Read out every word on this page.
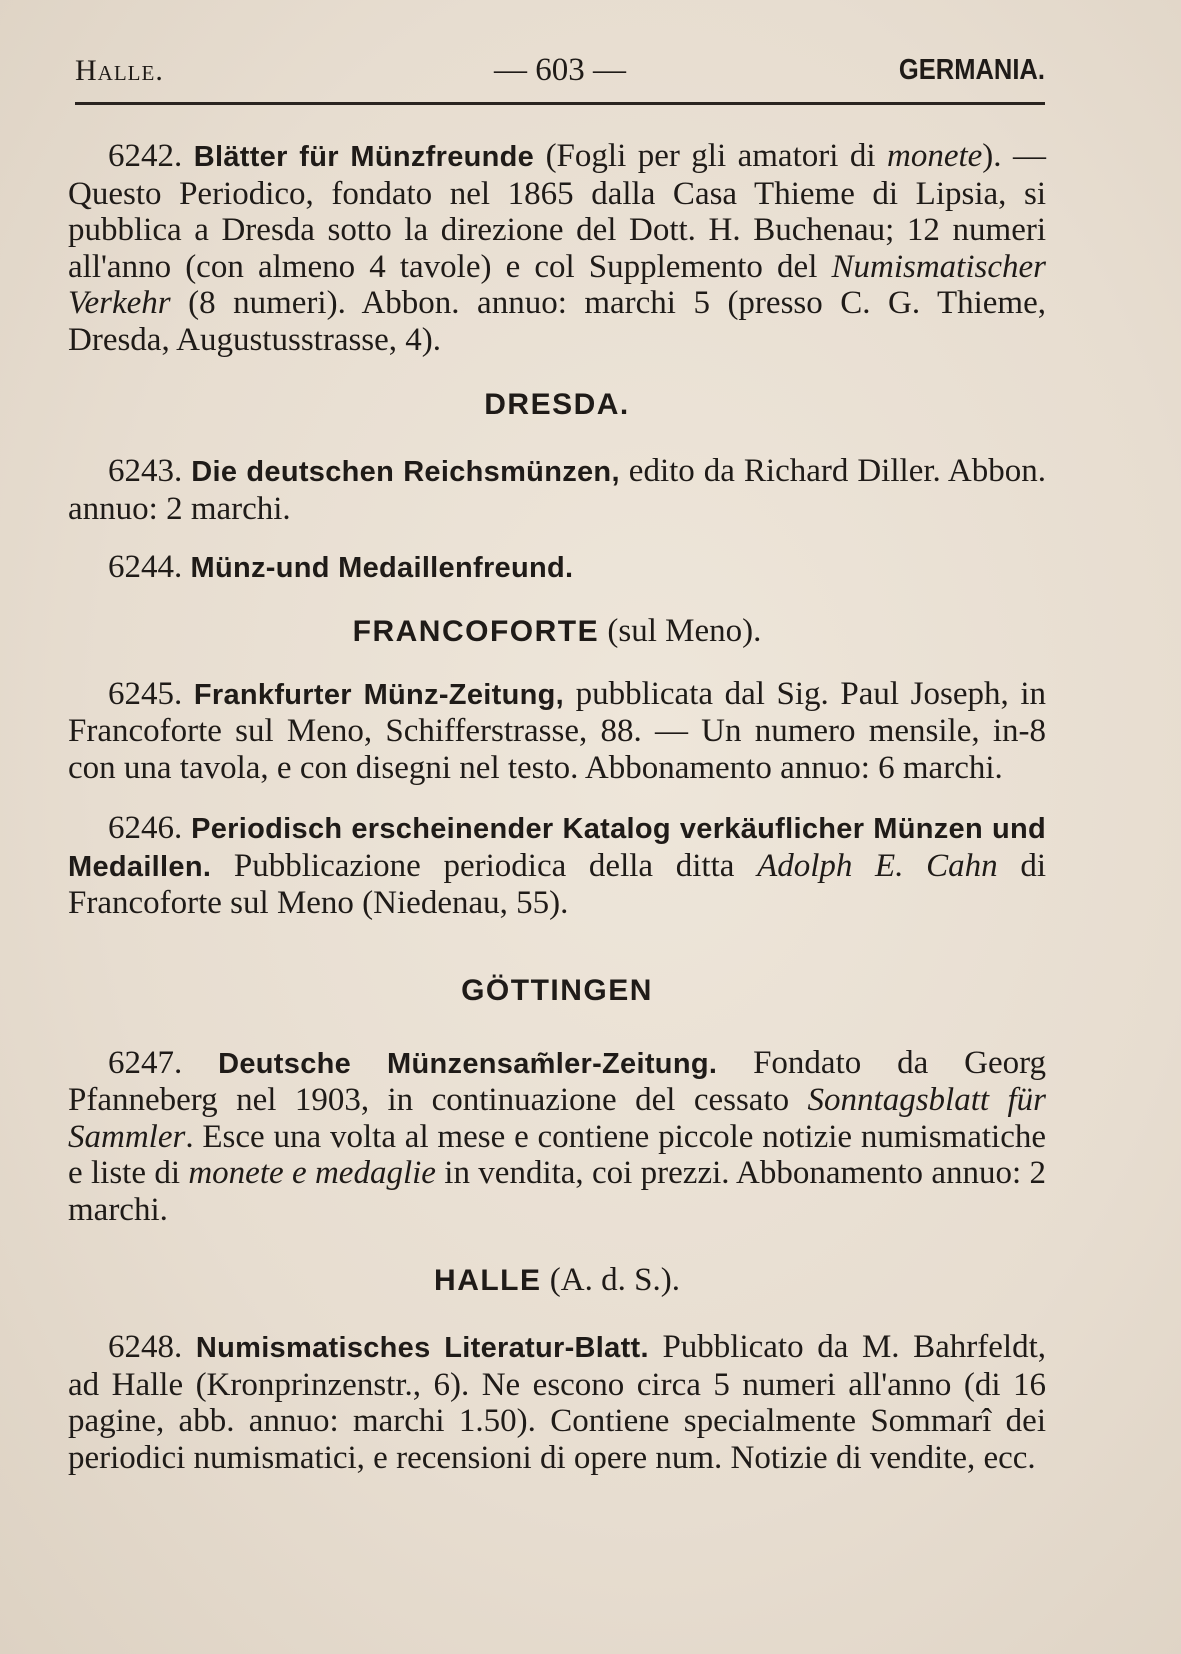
Halle.	— 603 —	GERMANIA.

6242. Blätter für Münzfreunde (Fogli per gli amatori di monete). — Questo Periodico, fondato nel 1865 dalla Casa Thieme di Lipsia, si pubblica a Dresda sotto la direzione del Dott. H. Buchenau; 12 numeri all'anno (con almeno 4 tavole) e col Supplemento del Numismatischer Verkehr (8 numeri). Abbon. annuo: marchi 5 (presso C. G. Thieme, Dresda, Augustusstrasse, 4).

DRESDA.

6243. Die deutschen Reichsmünzen, edito da Richard Diller. Abbon. annuo: 2 marchi.

6244. Münz-und Medaillenfreund.

FRANCOFORTE (sul Meno).

6245. Frankfurter Münz-Zeitung, pubblicata dal Sig. Paul Joseph, in Francoforte sul Meno, Schifferstrasse, 88. — Un numero mensile, in-8 con una tavola, e con disegni nel testo. Abbonamento annuo: 6 marchi.

6246. Periodisch erscheinender Katalog verkäuflicher Münzen und Medaillen. Pubblicazione periodica della ditta Adolph E. Cahn di Francoforte sul Meno (Niedenau, 55).

GÖTTINGEN

6247. Deutsche Münzensam̃ler-Zeitung. Fondato da Georg Pfanneberg nel 1903, in continuazione del cessato Sonntagsblatt für Sammler. Esce una volta al mese e contiene piccole notizie numismatiche e liste di monete e medaglie in vendita, coi prezzi. Abbonamento annuo: 2 marchi.

HALLE (A. d. S.).

6248. Numismatisches Literatur-Blatt. Pubblicato da M. Bahrfeldt, ad Halle (Kronprinzenstr., 6). Ne escono circa 5 numeri all'anno (di 16 pagine, abb. annuo: marchi 1.50). Contiene specialmente Sommarî dei periodici numismatici, e recensioni di opere num. Notizie di vendite, ecc.
